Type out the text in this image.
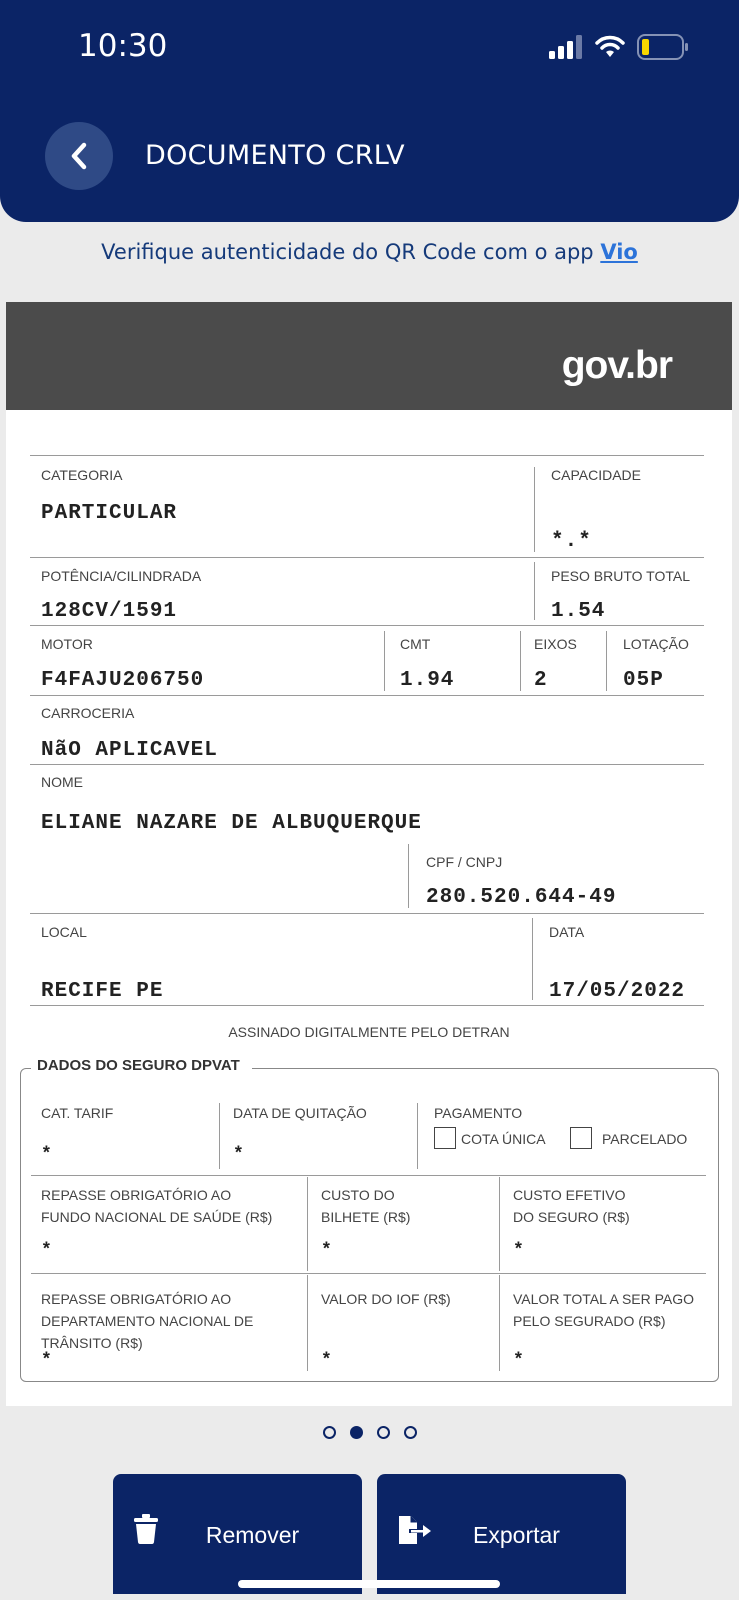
10:30
DOCUMENTO CRLV
Verifique autenticidade do QR Code com o app Vio
gov.br
CATEGORIA
PARTICULAR
CAPACIDADE
*.*
POTÊNCIA/CILINDRADA
128CV/1591
PESO BRUTO TOTAL
1.54
MOTOR
F4FAJU206750
CMT
1.94
EIXOS
2
LOTAÇÃO
05P
CARROCERIA
NãO APLICAVEL
NOME
ELIANE NAZARE DE ALBUQUERQUE
CPF / CNPJ
280.520.644-49
LOCAL
RECIFE PE
DATA
17/05/2022
ASSINADO DIGITALMENTE PELO DETRAN
DADOS DO SEGURO DPVAT
CAT. TARIF
*
DATA DE QUITAÇÃO
*
PAGAMENTO
COTA ÚNICA	PARCELADO
REPASSE OBRIGATÓRIO AO
FUNDO NACIONAL DE SAÚDE (R$)
*
CUSTO DO
BILHETE (R$)
*
CUSTO EFETIVO
DO SEGURO (R$)
*
REPASSE OBRIGATÓRIO AO
DEPARTAMENTO NACIONAL DE
TRÂNSITO (R$)
*
VALOR DO IOF (R$)
*
VALOR TOTAL A SER PAGO
PELO SEGURADO (R$)
*
Remover	Exportar
